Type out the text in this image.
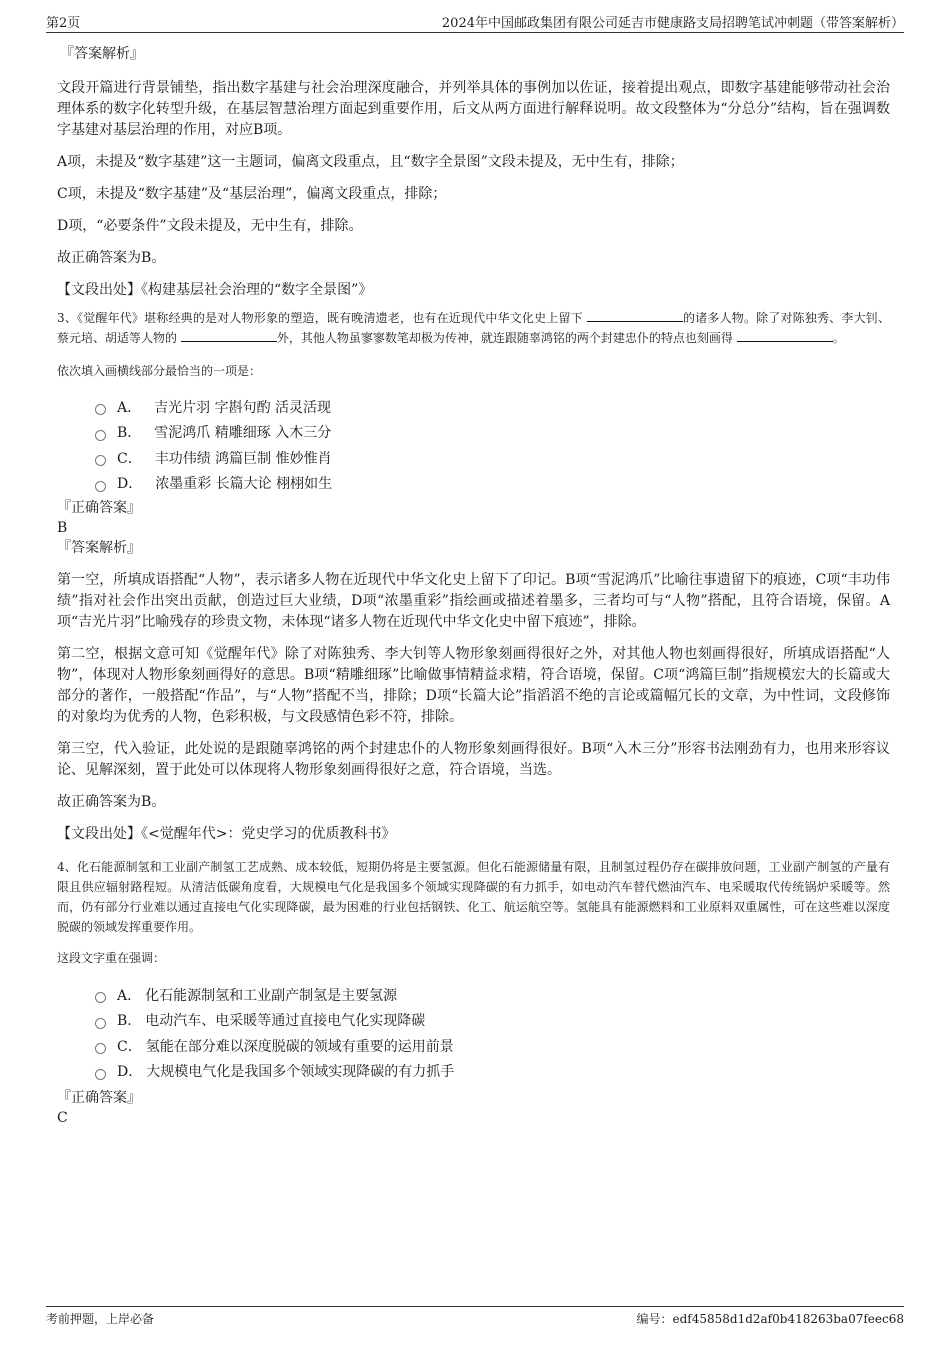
第2页	2024年中国邮政集团有限公司延吉市健康路支局招聘笔试冲刺题（带答案解析）

『答案解析』

文段开篇进行背景铺垫，指出数字基建与社会治理深度融合，并列举具体的事例加以佐证，接着提出观点，即数字基建能够带动社会治理体系的数字化转型升级，在基层智慧治理方面起到重要作用，后文从两方面进行解释说明。故文段整体为“分总分”结构，旨在强调数字基建对基层治理的作用，对应B项。

A项，未提及“数字基建”这一主题词，偏离文段重点，且“数字全景图”文段未提及，无中生有，排除；

C项，未提及“数字基建”及“基层治理”，偏离文段重点，排除；

D项，“必要条件”文段未提及，无中生有，排除。

故正确答案为B。

【文段出处】《构建基层社会治理的“数字全景图”》

3、《觉醒年代》堪称经典的是对人物形象的塑造，既有晚清遗老，也有在近现代中华文化史上留下	的诸多人物。除了对陈独秀、李大钊、蔡元培、胡适等人物的	外，其他人物虽寥寥数笔却极为传神，就连跟随辜鸿铭的两个封建忠仆的特点也刻画得	。

依次填入画横线部分最恰当的一项是：

A． 吉光片羽 字斟句酌 活灵活现
B． 雪泥鸿爪 精雕细琢 入木三分
C． 丰功伟绩 鸿篇巨制 惟妙惟肖
D． 浓墨重彩 长篇大论 栩栩如生

『正确答案』

B

『答案解析』

第一空，所填成语搭配“人物”，表示诸多人物在近现代中华文化史上留下了印记。B项“雪泥鸿爪”比喻往事遗留下的痕迹，C项“丰功伟绩”指对社会作出突出贡献，创造过巨大业绩，D项“浓墨重彩”指绘画或描述着墨多，三者均可与“人物”搭配，且符合语境，保留。A项“吉光片羽”比喻残存的珍贵文物，未体现“诸多人物在近现代中华文化史中留下痕迹”，排除。

第二空，根据文意可知《觉醒年代》除了对陈独秀、李大钊等人物形象刻画得很好之外，对其他人物也刻画得很好，所填成语搭配“人物”，体现对人物形象刻画得好的意思。B项“精雕细琢”比喻做事情精益求精，符合语境，保留。C项“鸿篇巨制”指规模宏大的长篇或大部分的著作，一般搭配“作品”，与“人物”搭配不当，排除；D项“长篇大论”指滔滔不绝的言论或篇幅冗长的文章，为中性词，文段修饰的对象均为优秀的人物，色彩积极，与文段感情色彩不符，排除。

第三空，代入验证，此处说的是跟随辜鸿铭的两个封建忠仆的人物形象刻画得很好。B项“入木三分”形容书法刚劲有力，也用来形容议论、见解深刻，置于此处可以体现将人物形象刻画得很好之意，符合语境，当选。

故正确答案为B。

【文段出处】《<觉醒年代>：党史学习的优质教科书》

4、化石能源制氢和工业副产制氢工艺成熟、成本较低，短期仍将是主要氢源。但化石能源储量有限，且制氢过程仍存在碳排放问题，工业副产制氢的产量有限且供应辐射路程短。从清洁低碳角度看，大规模电气化是我国多个领域实现降碳的有力抓手，如电动汽车替代燃油汽车、电采暖取代传统锅炉采暖等。然而，仍有部分行业难以通过直接电气化实现降碳，最为困难的行业包括钢铁、化工、航运航空等。氢能具有能源燃料和工业原料双重属性，可在这些难以深度脱碳的领域发挥重要作用。

这段文字重在强调：

A． 化石能源制氢和工业副产制氢是主要氢源
B． 电动汽车、电采暖等通过直接电气化实现降碳
C． 氢能在部分难以深度脱碳的领域有重要的运用前景
D． 大规模电气化是我国多个领域实现降碳的有力抓手

『正确答案』

C

考前押题，上岸必备	编号：edf45858d1d2af0b418263ba07feec68
